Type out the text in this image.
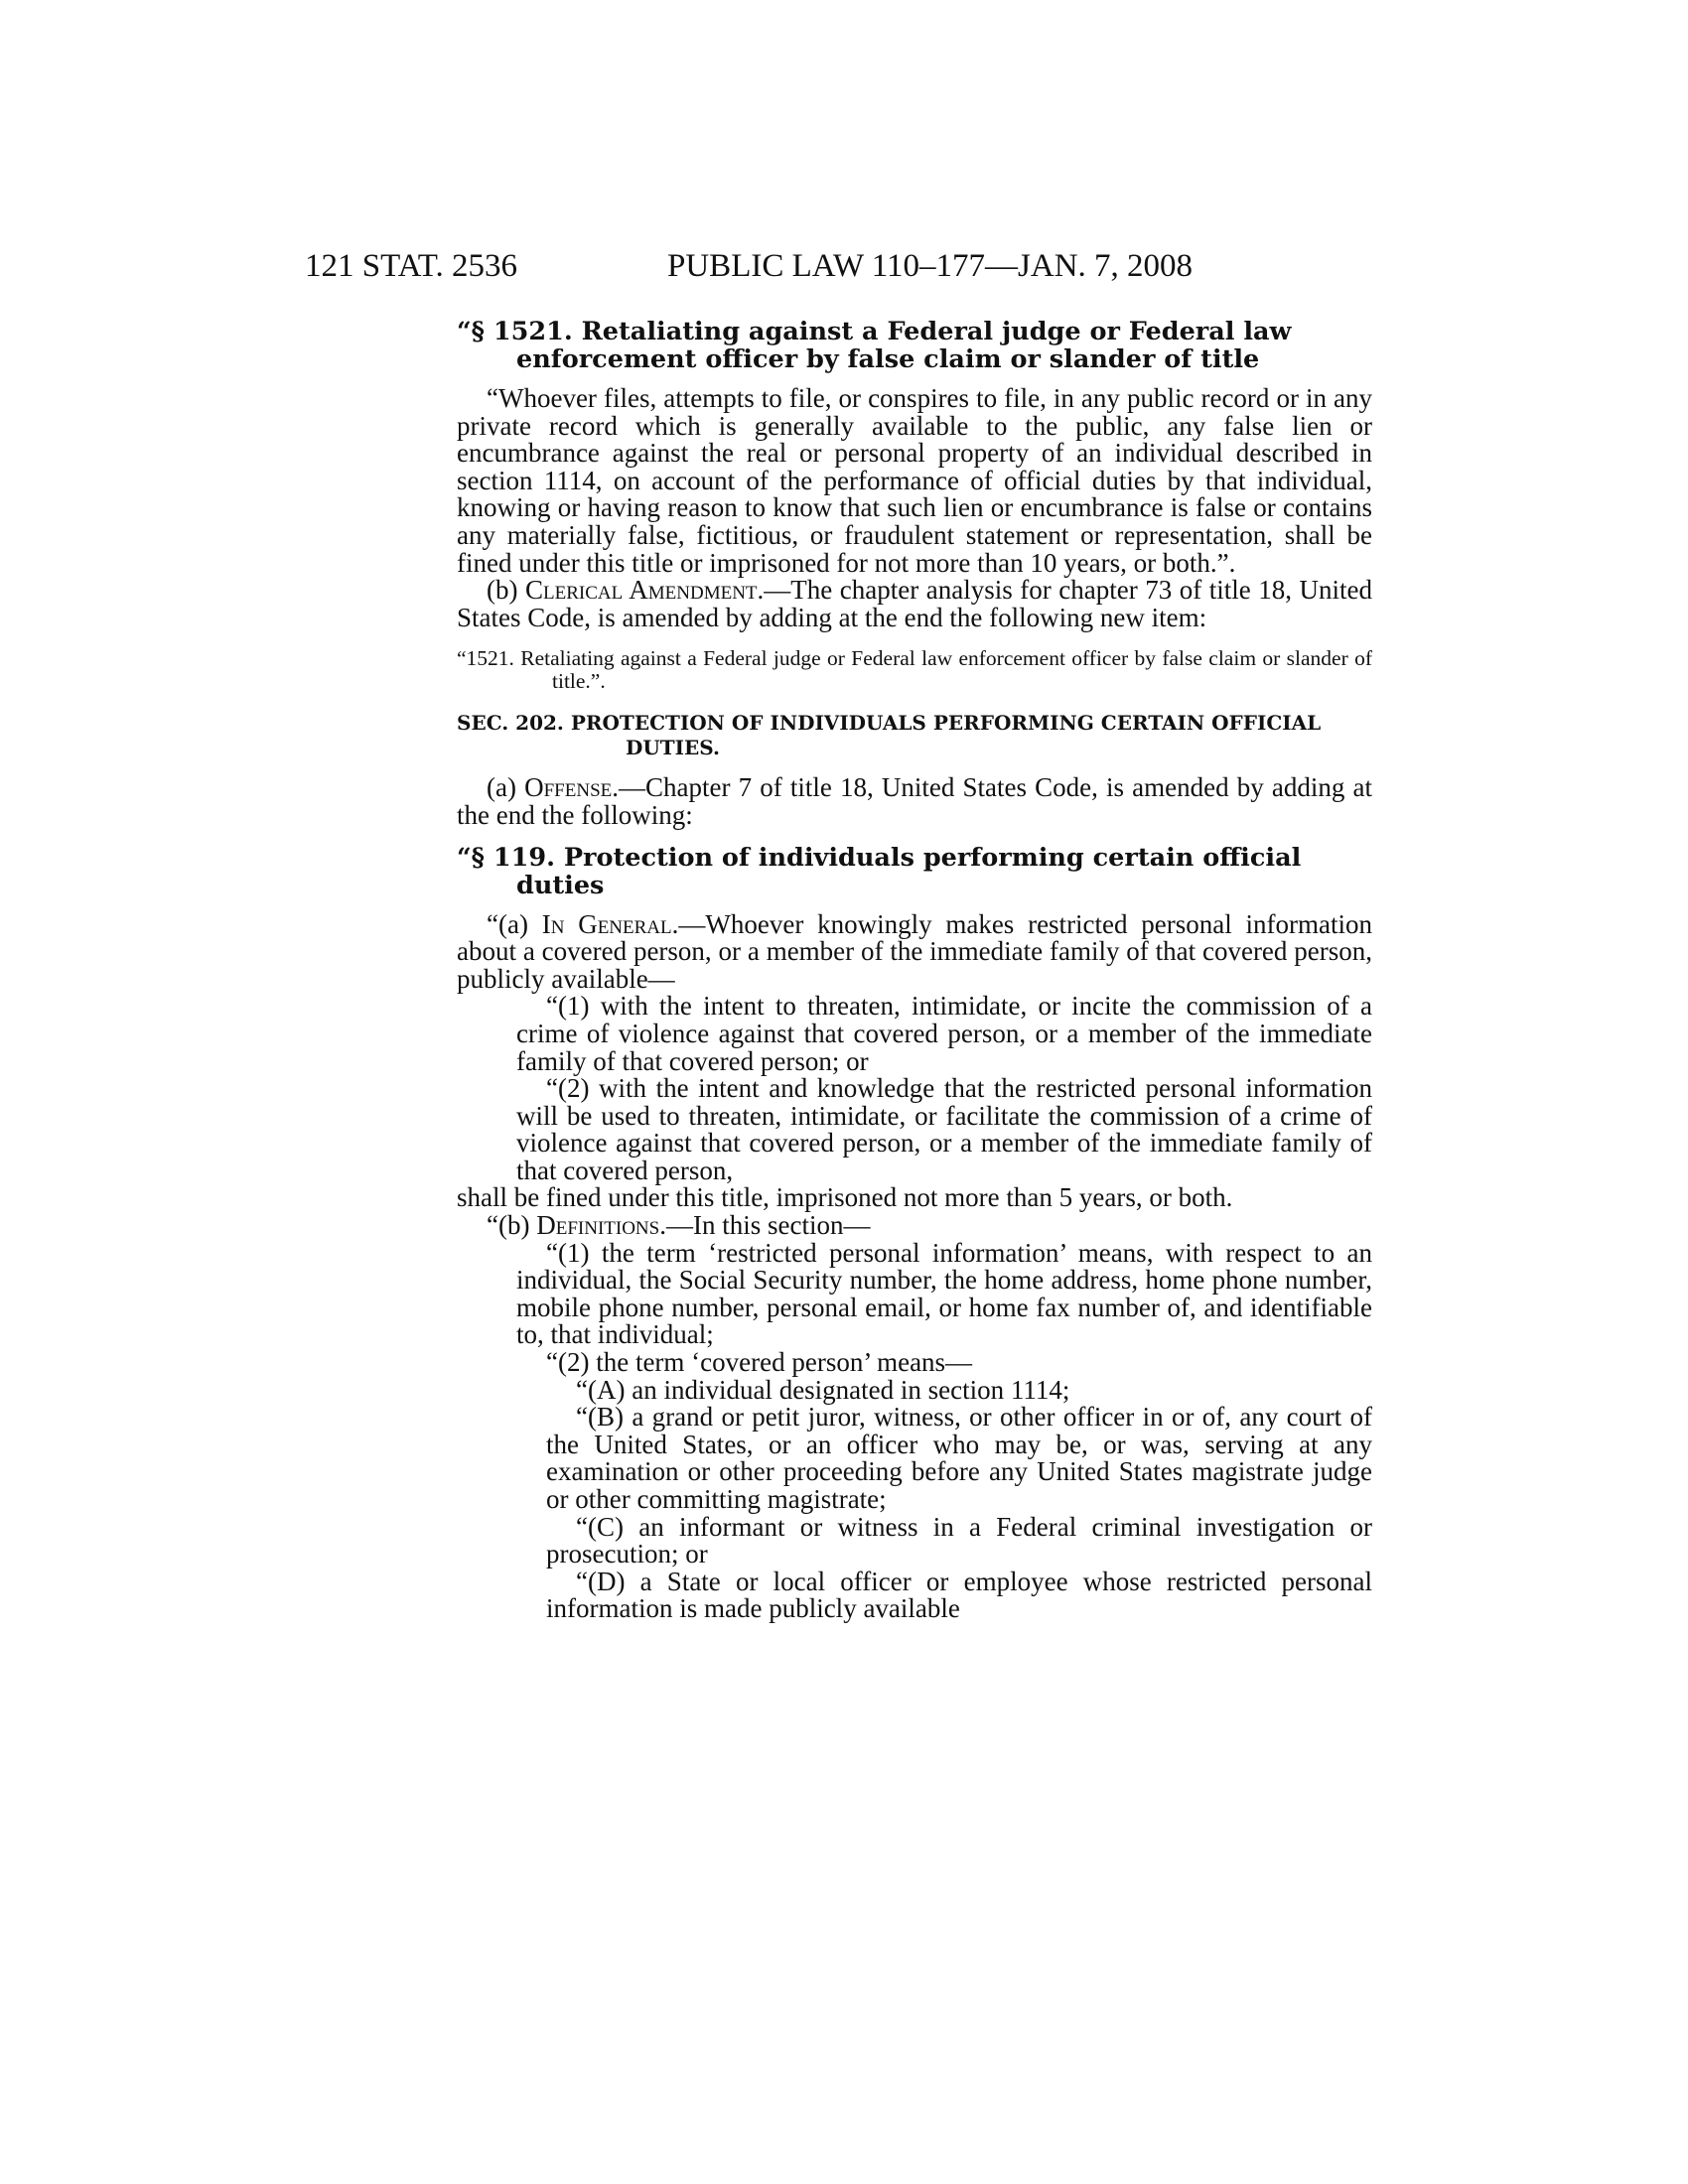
121 STAT. 2536	PUBLIC LAW 110–177—JAN. 7, 2008
“§ 1521. Retaliating against a Federal judge or Federal law enforcement officer by false claim or slander of title

“Whoever files, attempts to file, or conspires to file, in any public record or in any private record which is generally available to the public, any false lien or encumbrance against the real or personal property of an individual described in section 1114, on account of the performance of official duties by that individual, knowing or having reason to know that such lien or encumbrance is false or contains any materially false, fictitious, or fraudulent statement or representation, shall be fined under this title or imprisoned for not more than 10 years, or both.”.

(b) Clerical Amendment.—The chapter analysis for chapter 73 of title 18, United States Code, is amended by adding at the end the following new item:

“1521. Retaliating against a Federal judge or Federal law enforcement officer by false claim or slander of title.”.
SEC. 202. PROTECTION OF INDIVIDUALS PERFORMING CERTAIN OFFICIAL DUTIES.

(a) Offense.—Chapter 7 of title 18, United States Code, is amended by adding at the end the following:

“§ 119. Protection of individuals performing certain official duties

“(a) In General.—Whoever knowingly makes restricted personal information about a covered person, or a member of the immediate family of that covered person, publicly available—

“(1) with the intent to threaten, intimidate, or incite the commission of a crime of violence against that covered person, or a member of the immediate family of that covered person; or

“(2) with the intent and knowledge that the restricted personal information will be used to threaten, intimidate, or facilitate the commission of a crime of violence against that covered person, or a member of the immediate family of that covered person,

shall be fined under this title, imprisoned not more than 5 years, or both.

“(b) Definitions.—In this section—

“(1) the term ‘restricted personal information’ means, with respect to an individual, the Social Security number, the home address, home phone number, mobile phone number, personal email, or home fax number of, and identifiable to, that individual;

“(2) the term ‘covered person’ means—

“(A) an individual designated in section 1114;

“(B) a grand or petit juror, witness, or other officer in or of, any court of the United States, or an officer who may be, or was, serving at any examination or other proceeding before any United States magistrate judge or other committing magistrate;

“(C) an informant or witness in a Federal criminal investigation or prosecution; or

“(D) a State or local officer or employee whose restricted personal information is made publicly available
